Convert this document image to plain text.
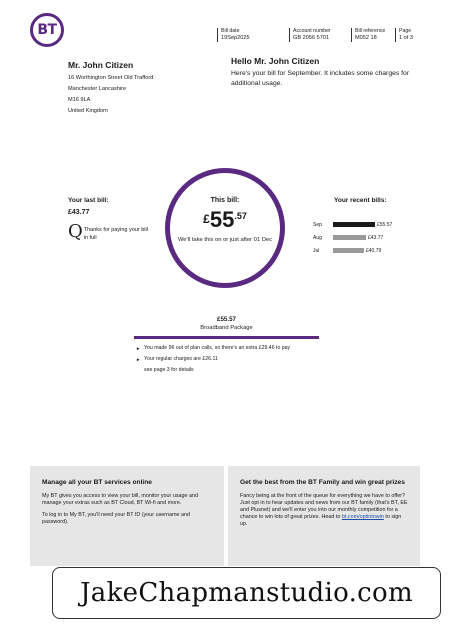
BT	Bill date
19Sep2025
Account number
GB 2056 5701
Bill reference
M052 18
Page
1 of 3
Mr. John Citizen
16 Worthington Street Old Trafford
Manchester Lancashire
M16 9LA
United Kingdom
Hello Mr. John Citizen
Here's your bill for September. It includes some charges for additional usage.
Your last bill:
£43.77
Q Thanks for paying your bill in full
This bill:
£ 55 .57
We'll take this on or just after 01 Dec
Your recent bills:
Sep	£55.57
Aug	£43.77
Jul	£40.79
£55.57
Broadband Package
► You made 96 out of plan calls, so there's an extra £29.46 to pay
► Your regular charges are £26.11
see page 3 for details
Manage all your BT services online
My BT gives you access to view your bill, monitor your usage and manage your extras such as BT Cloud, BT Wi-fi and more.
To log in to My BT, you'll need your BT ID (your username and password).
Get the best from the BT Family and win great prizes
Fancy being at the front of the queue for everything we have to offer? Just opt in to hear updates and news from our BT family (that's BT, EE and Plusnet) and we'll enter you into our monthly competition for a chance to win lots of great prizes. Head to bt.com/optintowin to sign up.
JakeChapmanstudio.com
